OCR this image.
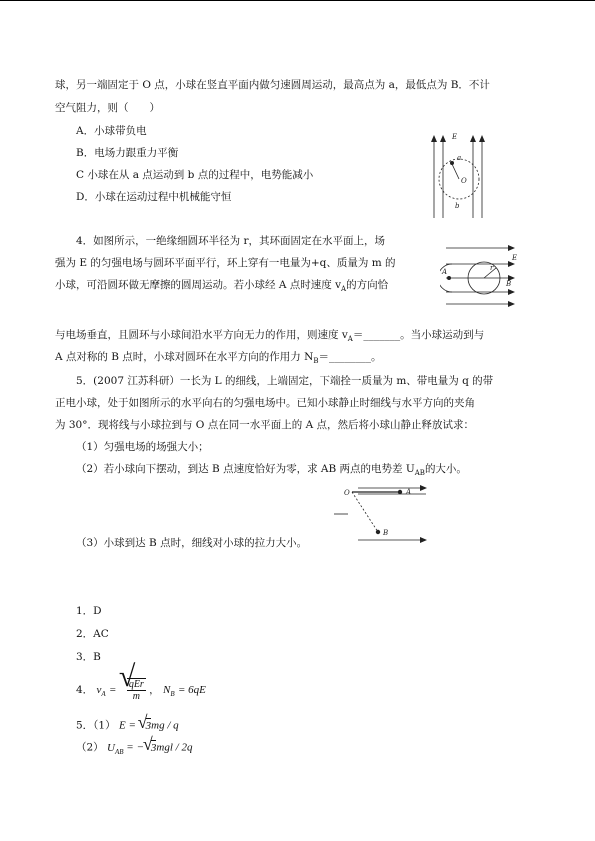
球，另一端固定于 O 点，小球在竖直平面内做匀速圆周运动，最高点为 a，最低点为 B．不计
空气阻力，则（　　）
A．小球带负电
B．电场力跟重力平衡
C 小球在从 a 点运动到 b 点的过程中，电势能减小
D．小球在运动过程中机械能守恒
E
a
O
b
4．如图所示，一绝缘细圆环半径为 r，其环面固定在水平面上，场
强为 E 的匀强电场与圆环平面平行，环上穿有一电量为+q、质量为 m 的
小球，可沿圆环做无摩擦的圆周运动。若小球经 A 点时速度 $v_A$的方向恰
与电场垂直，且圆环与小球间沿水平方向无力的作用，则速度 $v_A=\_\_\_\_\_\_\_$。当小球运动到与
A 点对称的 B 点时，小球对圆环在水平方向的作用力 $N_B=\_\_\_\_\_\_\_\_$。
A
B
r
E
5．(2007 江苏科研）一长为 L 的细线，上端固定，下端拴一质量为 m、带电量为 q 的带
正电小球，处于如图所示的水平向右的匀强电场中。已知小球静止时细线与水平方向的夹角
为 30°．现将线与小球拉到与 O 点在同一水平面上的 A 点，然后将小球山静止释放试求：
（1）匀强电场的场强大小；
（2）若小球向下摆动，到达 B 点速度恰好为零，求 AB 两点的电势差 $U_{AB}$的大小。
（3）小球到达 B 点时，细线对小球的拉力大小。
O	A
B
1．D
2．AC
3．B
4． $v_A$ = √ $\frac{\text{qEr}}{m}$ ， $N_B = 6qE$
5．（1） E = √ 3mg / q
（2） $U_{AB}$ = − √ 3mgl / 2q
